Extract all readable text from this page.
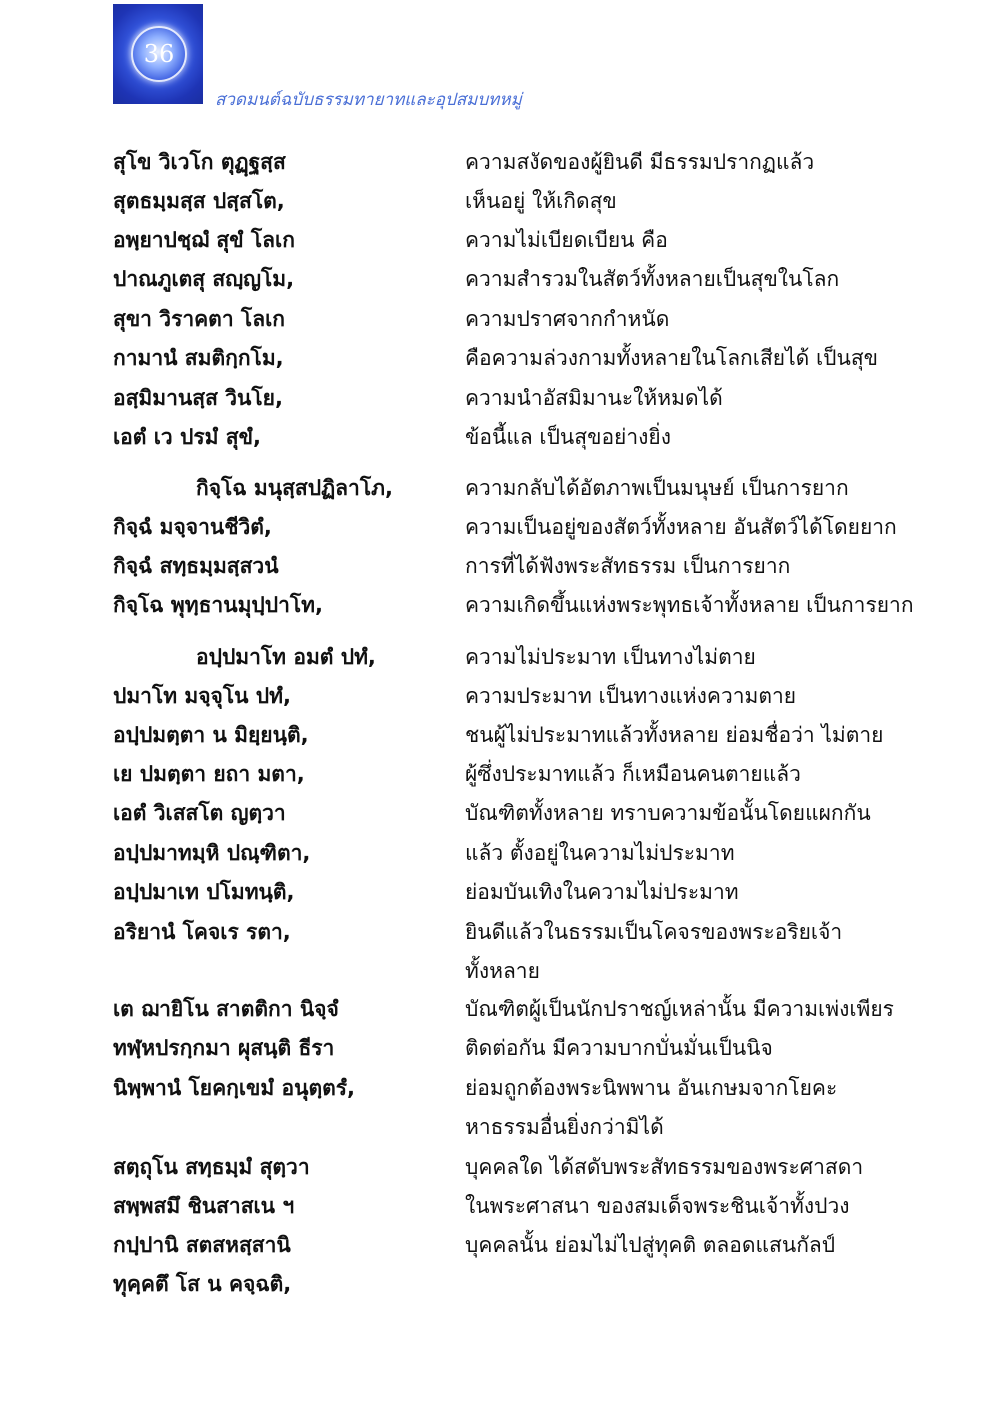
36
สวดมนต์ฉบับธรรมทายาทและอุปสมบทหมู่
สุโข วิเวโก ตุฏฺฐสฺส	ความสงัดของผู้ยินดี มีธรรมปรากฏแล้ว
สุตธมฺมสฺส ปสฺสโต,	เห็นอยู่ ให้เกิดสุข
อพฺยาปชฺฌํ สุขํ โลเก	ความไม่เบียดเบียน คือ
ปาณภูเตสุ สญฺญโม,	ความสำรวมในสัตว์ทั้งหลายเป็นสุขในโลก
สุขา วิราคตา โลเก	ความปราศจากกำหนัด
กามานํ สมติกฺกโม,	คือความล่วงกามทั้งหลายในโลกเสียได้ เป็นสุข
อสฺมิมานสฺส วินโย,	ความนำอัสมิมานะให้หมดได้
เอตํ เว ปรมํ สุขํ,	ข้อนี้แล เป็นสุขอย่างยิ่ง
กิจฺโฉ มนุสฺสปฏิลาโภ,	ความกลับได้อัตภาพเป็นมนุษย์ เป็นการยาก
กิจฺฉํ มจฺจานชีวิตํ,	ความเป็นอยู่ของสัตว์ทั้งหลาย อันสัตว์ได้โดยยาก
กิจฺฉํ สทฺธมฺมสฺสวนํ	การที่ได้ฟังพระสัทธรรม เป็นการยาก
กิจฺโฉ พุทฺธานมุปฺปาโท,	ความเกิดขึ้นแห่งพระพุทธเจ้าทั้งหลาย เป็นการยาก
อปฺปมาโท อมตํ ปทํ,	ความไม่ประมาท เป็นทางไม่ตาย
ปมาโท มจฺจุโน ปทํ,	ความประมาท เป็นทางแห่งความตาย
อปฺปมตฺตา น มิยฺยนฺติ,	ชนผู้ไม่ประมาทแล้วทั้งหลาย ย่อมชื่อว่า ไม่ตาย
เย ปมตฺตา ยถา มตา,	ผู้ซึ่งประมาทแล้ว ก็เหมือนคนตายแล้ว
เอตํ วิเสสโต ญตฺวา	บัณฑิตทั้งหลาย ทราบความข้อนั้นโดยแผกกัน
อปฺปมาทมฺหิ ปณฺฑิตา,	แล้ว ตั้งอยู่ในความไม่ประมาท
อปฺปมาเท ปโมทนฺติ,	ย่อมบันเทิงในความไม่ประมาท
อริยานํ โคจเร รตา,	ยินดีแล้วในธรรมเป็นโคจรของพระอริยเจ้า
ทั้งหลาย
เต ฌายิโน สาตติกา นิจฺจํ	บัณฑิตผู้เป็นนักปราชญ์เหล่านั้น มีความเพ่งเพียร
ทฬฺหปรกฺกมา ผุสนฺติ ธีรา	ติดต่อกัน มีความบากบั่นมั่นเป็นนิจ
นิพฺพานํ โยคกฺเขมํ อนุตฺตรํ,	ย่อมถูกต้องพระนิพพาน อันเกษมจากโยคะ
หาธรรมอื่นยิ่งกว่ามิได้
สตฺถุโน สทฺธมฺมํ สุตฺวา	บุคคลใด ได้สดับพระสัทธรรมของพระศาสดา
สพฺพสมึ ชินสาสเน ฯ	ในพระศาสนา ของสมเด็จพระชินเจ้าทั้งปวง
กปฺปานิ สตสหสฺสานิ	บุคคลนั้น ย่อมไม่ไปสู่ทุคติ ตลอดแสนกัลป์
ทุคฺคตึ โส น คจฺฉติ,
